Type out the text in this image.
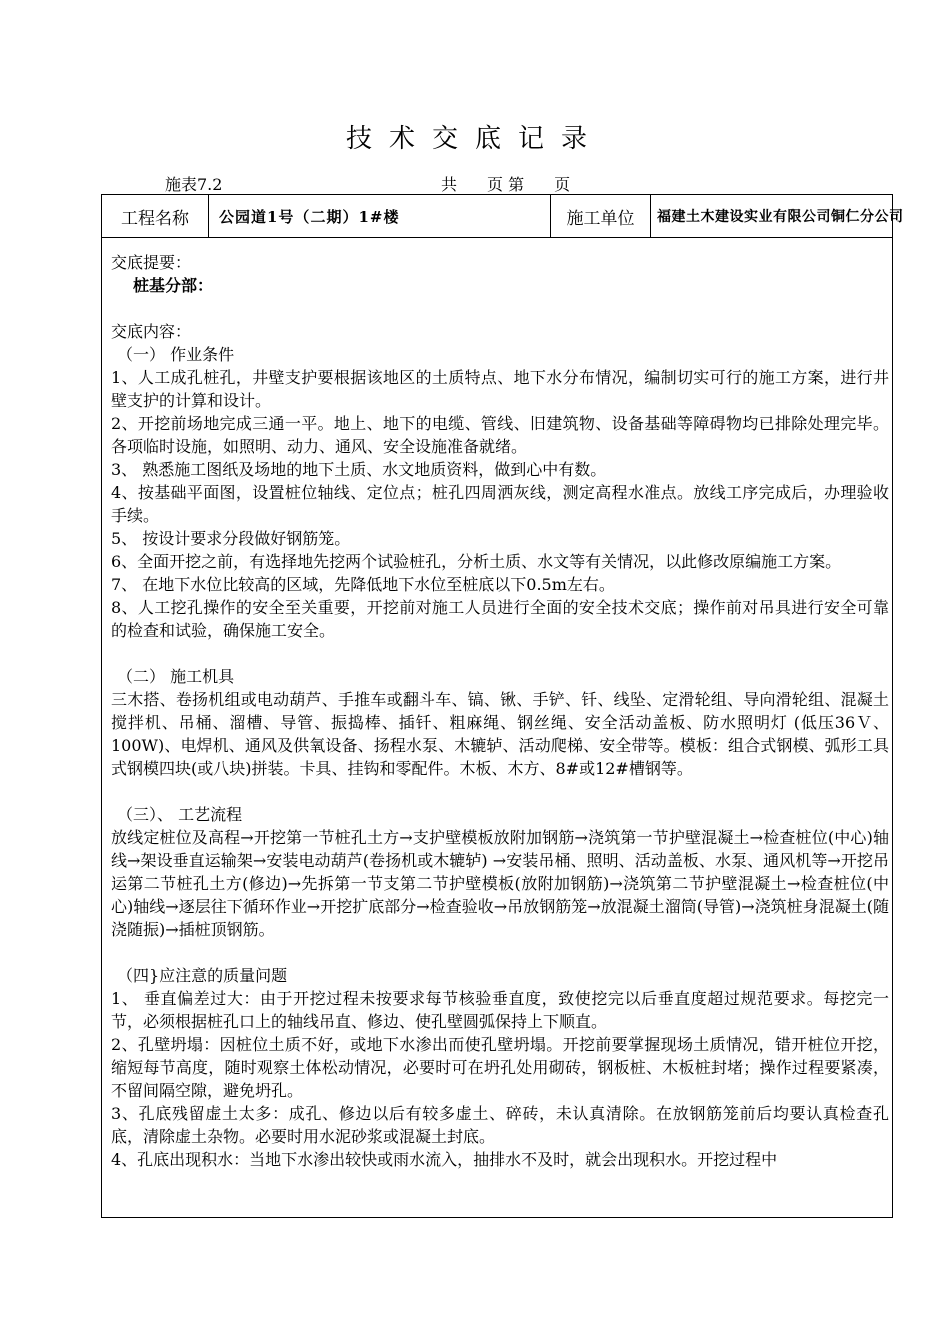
技术交底记录
施表7.2	共 页 第 页
工程名称	公园道1号（二期）1#楼	施工单位	福建土木建设实业有限公司铜仁分公司

交底提要：

桩基分部：

交底内容：

（一） 作业条件

1、人工成孔桩孔，井壁支护要根据该地区的土质特点、地下水分布情况，编制切实可行的施工方案，进行井壁支护的计算和设计。

2、开挖前场地完成三通一平。地上、地下的电缆、管线、旧建筑物、设备基础等障碍物均已排除处理完毕。各项临时设施，如照明、动力、通风、安全设施准备就绪。

3、 熟悉施工图纸及场地的地下土质、水文地质资料，做到心中有数。

4、按基础平面图，设置桩位轴线、定位点；桩孔四周洒灰线，测定高程水准点。放线工序完成后，办理验收手续。

5、 按设计要求分段做好钢筋笼。

6、全面开挖之前，有选择地先挖两个试验桩孔，分析土质、水文等有关情况，以此修改原编施工方案。

7、 在地下水位比较高的区域，先降低地下水位至桩底以下0.5m左右。

8、人工挖孔操作的安全至关重要，开挖前对施工人员进行全面的安全技术交底；操作前对吊具进行安全可靠的检查和试验，确保施工安全。

（二） 施工机具

三木搭、卷扬机组或电动葫芦、手推车或翻斗车、镐、锹、手铲、钎、线坠、定滑轮组、导向滑轮组、混凝土搅拌机、吊桶、溜槽、导管、振捣棒、插钎、粗麻绳、钢丝绳、安全活动盖板、防水照明灯 (低压36Ｖ、100W)、电焊机、通风及供氧设备、扬程水泵、木辘轳、活动爬梯、安全带等。模板：组合式钢模、弧形工具式钢模四块(或八块)拼装。卡具、挂钩和零配件。木板、木方、8#或12#槽钢等。

（三）、 工艺流程

放线定桩位及高程→开挖第一节桩孔土方→支护壁模板放附加钢筋→浇筑第一节护壁混凝土→检查桩位(中心)轴线→架设垂直运输架→安装电动葫芦(卷扬机或木辘轳) →安装吊桶、照明、活动盖板、水泵、通风机等→开挖吊运第二节桩孔土方(修边)→先拆第一节支第二节护壁模板(放附加钢筋)→浇筑第二节护壁混凝土→检查桩位(中心)轴线→逐层往下循环作业→开挖扩底部分→检查验收→吊放钢筋笼→放混凝土溜筒(导管)→浇筑桩身混凝土(随浇随振)→插桩顶钢筋。

（四}应注意的质量问题

1、 垂直偏差过大：由于开挖过程未按要求每节核验垂直度，致使挖完以后垂直度超过规范要求。每挖完一节，必须根据桩孔口上的轴线吊直、修边、使孔壁圆弧保持上下顺直。

2、孔壁坍塌：因桩位土质不好，或地下水渗出而使孔壁坍塌。开挖前要掌握现场土质情况，错开桩位开挖，缩短每节高度，随时观察土体松动情况，必要时可在坍孔处用砌砖，钢板桩、木板桩封堵；操作过程要紧凑，不留间隔空隙，避免坍孔。

3、孔底残留虚土太多：成孔、修边以后有较多虚土、碎砖，未认真清除。在放钢筋笼前后均要认真检查孔底，清除虚土杂物。必要时用水泥砂浆或混凝土封底。

4、孔底出现积水：当地下水渗出较快或雨水流入，抽排水不及时，就会出现积水。开挖过程中
